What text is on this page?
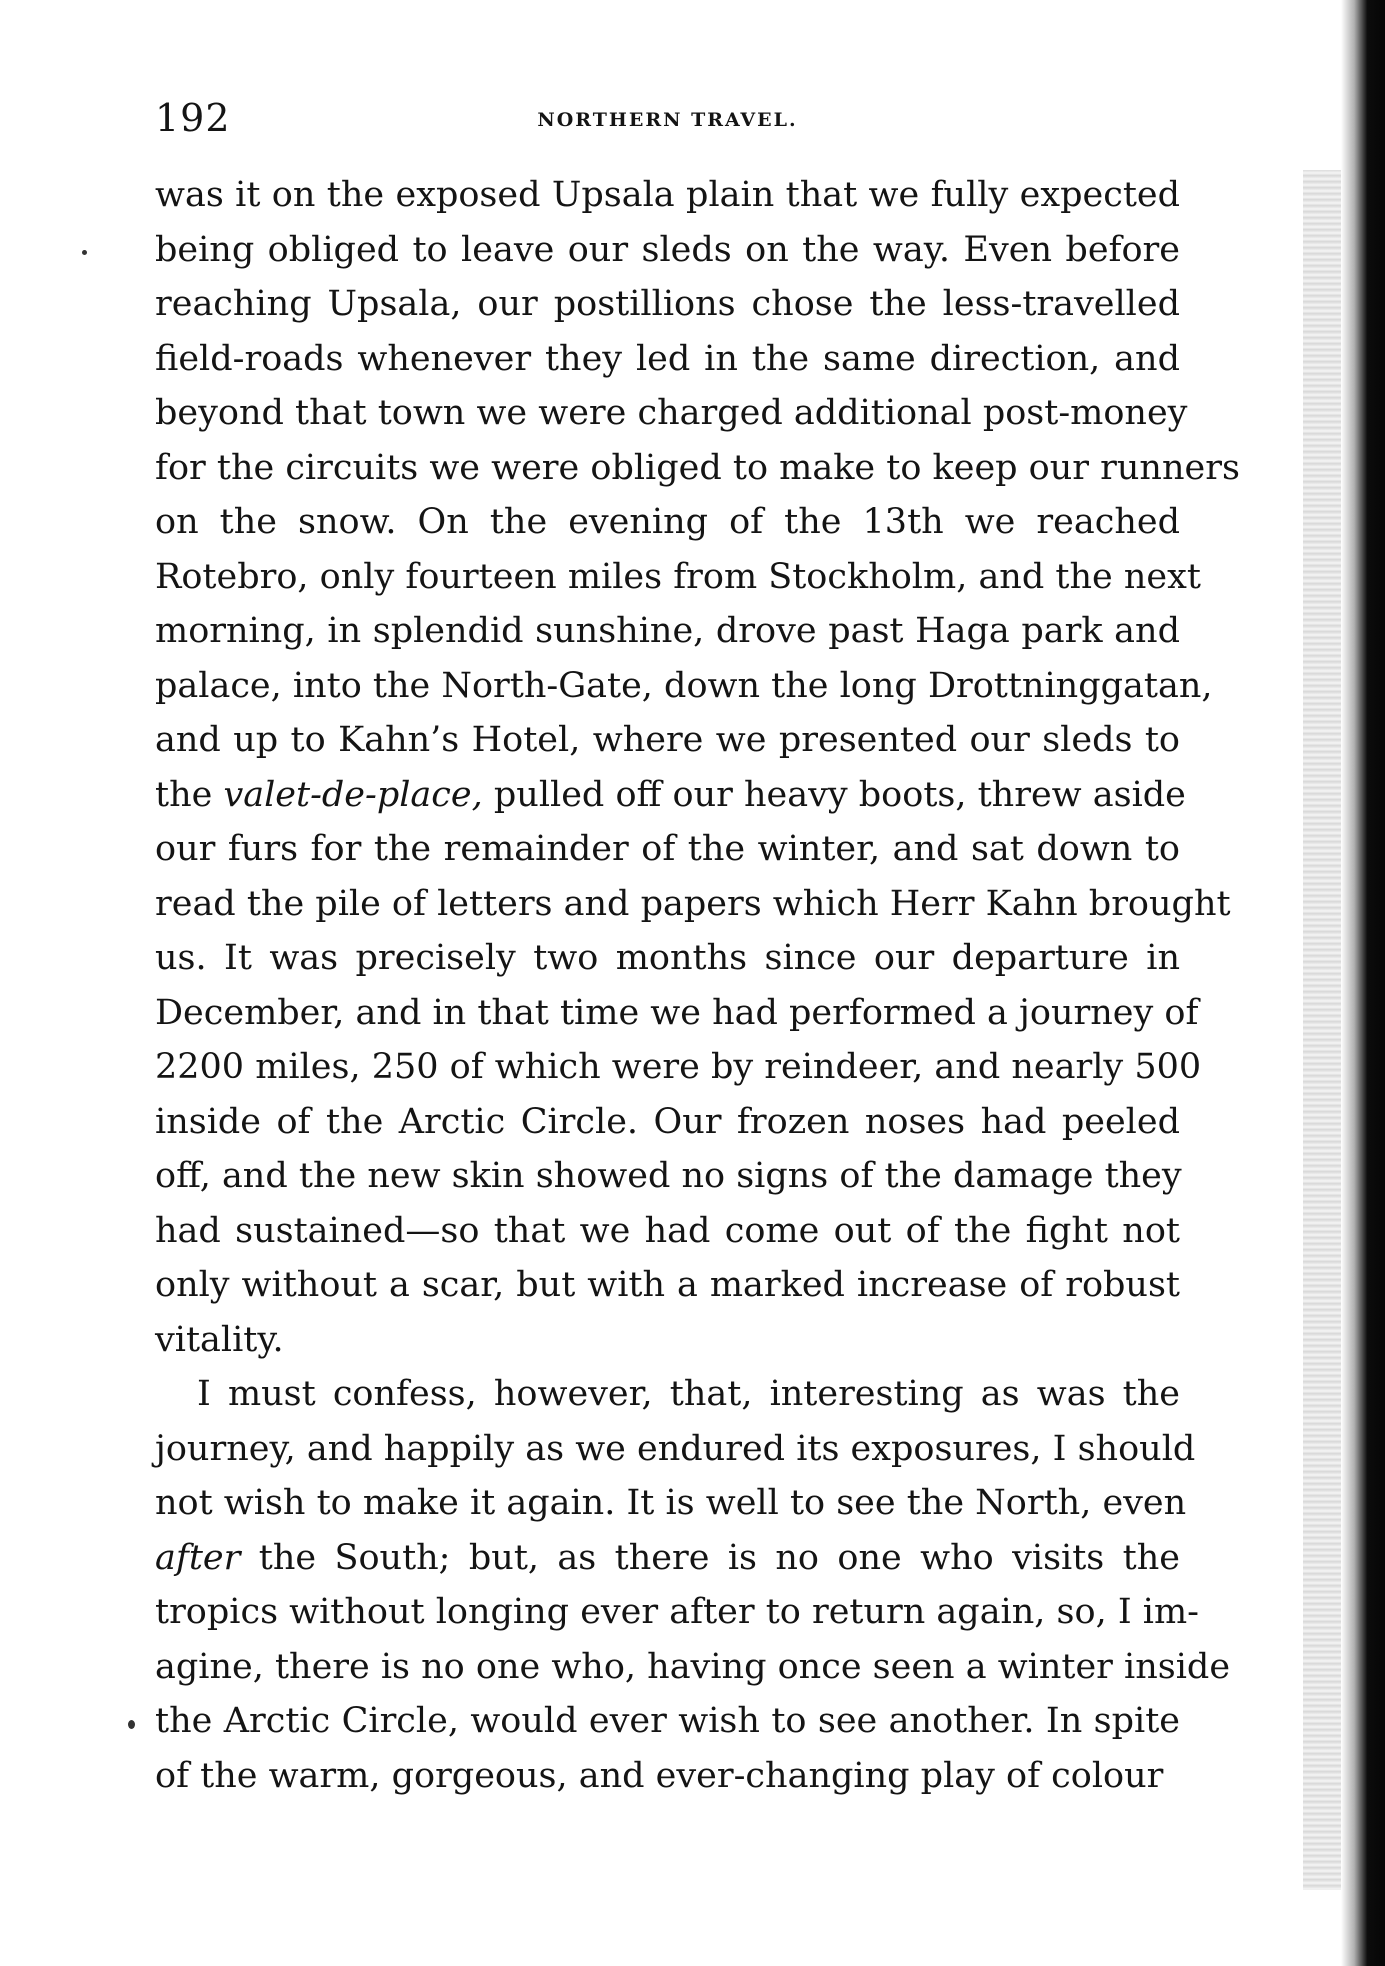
192	NORTHERN TRAVEL.
was it on the exposed Upsala plain that we fully expected
being obliged to leave our sleds on the way. Even before
reaching Upsala, our postillions chose the less-travelled
field-roads whenever they led in the same direction, and
beyond that town we were charged additional post-money
for the circuits we were obliged to make to keep our runners
on the snow. On the evening of the 13th we reached
Rotebro, only fourteen miles from Stockholm, and the next
morning, in splendid sunshine, drove past Haga park and
palace, into the North-Gate, down the long Drottninggatan,
and up to Kahn’s Hotel, where we presented our sleds to
the valet-de-place, pulled off our heavy boots, threw aside
our furs for the remainder of the winter, and sat down to
read the pile of letters and papers which Herr Kahn brought
us. It was precisely two months since our departure in
December, and in that time we had performed a journey of
2200 miles, 250 of which were by reindeer, and nearly 500
inside of the Arctic Circle. Our frozen noses had peeled
off, and the new skin showed no signs of the damage they
had sustained—so that we had come out of the fight not
only without a scar, but with a marked increase of robust
vitality.
I must confess, however, that, interesting as was the
journey, and happily as we endured its exposures, I should
not wish to make it again. It is well to see the North, even
after the South; but, as there is no one who visits the
tropics without longing ever after to return again, so, I im-
agine, there is no one who, having once seen a winter inside
the Arctic Circle, would ever wish to see another. In spite
of the warm, gorgeous, and ever-changing play of colour
